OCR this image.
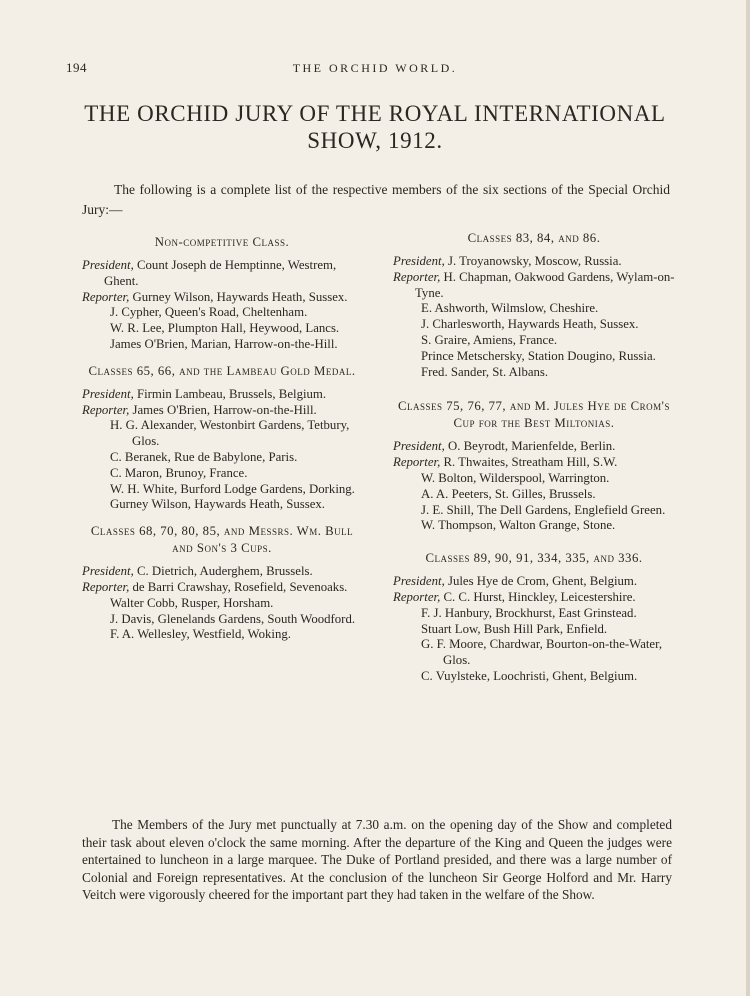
194	THE ORCHID WORLD.
THE ORCHID JURY OF THE ROYAL INTERNATIONAL SHOW, 1912.

The following is a complete list of the respective members of the six sections of the Special Orchid Jury:—

Non-competitive Class.
President, Count Joseph de Hemptinne, Westrem, Ghent.
Reporter, Gurney Wilson, Haywards Heath, Sussex.
J. Cypher, Queen's Road, Cheltenham.
W. R. Lee, Plumpton Hall, Heywood, Lancs.
James O'Brien, Marian, Harrow-on-the-Hill.
Classes 65, 66, and the Lambeau Gold Medal.
President, Firmin Lambeau, Brussels, Belgium.
Reporter, James O'Brien, Harrow-on-the-Hill.
H. G. Alexander, Westonbirt Gardens, Tetbury, Glos.
C. Beranek, Rue de Babylone, Paris.
C. Maron, Brunoy, France.
W. H. White, Burford Lodge Gardens, Dorking.
Gurney Wilson, Haywards Heath, Sussex.
Classes 68, 70, 80, 85, and Messrs. Wm. Bull and Son's 3 Cups.
President, C. Dietrich, Auderghem, Brussels.
Reporter, de Barri Crawshay, Rosefield, Sevenoaks.
Walter Cobb, Rusper, Horsham.
J. Davis, Glenelands Gardens, South Woodford.
F. A. Wellesley, Westfield, Woking.
Classes 83, 84, and 86.
President, J. Troyanowsky, Moscow, Russia.
Reporter, H. Chapman, Oakwood Gardens, Wylam-on-Tyne.
E. Ashworth, Wilmslow, Cheshire.
J. Charlesworth, Haywards Heath, Sussex.
S. Graire, Amiens, France.
Prince Metschersky, Station Dougino, Russia.
Fred. Sander, St. Albans.
Classes 75, 76, 77, and M. Jules Hye de Crom's Cup for the Best Miltonias.
President, O. Beyrodt, Marienfelde, Berlin.
Reporter, R. Thwaites, Streatham Hill, S.W.
W. Bolton, Wilderspool, Warrington.
A. A. Peeters, St. Gilles, Brussels.
J. E. Shill, The Dell Gardens, Englefield Green.
W. Thompson, Walton Grange, Stone.
Classes 89, 90, 91, 334, 335, and 336.
President, Jules Hye de Crom, Ghent, Belgium.
Reporter, C. C. Hurst, Hinckley, Leicestershire.
F. J. Hanbury, Brockhurst, East Grinstead.
Stuart Low, Bush Hill Park, Enfield.
G. F. Moore, Chardwar, Bourton-on-the-Water, Glos.
C. Vuylsteke, Loochristi, Ghent, Belgium.

The Members of the Jury met punctually at 7.30 a.m. on the opening day of the Show and completed their task about eleven o'clock the same morning. After the departure of the King and Queen the judges were entertained to luncheon in a large marquee. The Duke of Portland presided, and there was a large number of Colonial and Foreign representatives. At the conclusion of the luncheon Sir George Holford and Mr. Harry Veitch were vigorously cheered for the important part they had taken in the welfare of the Show.
